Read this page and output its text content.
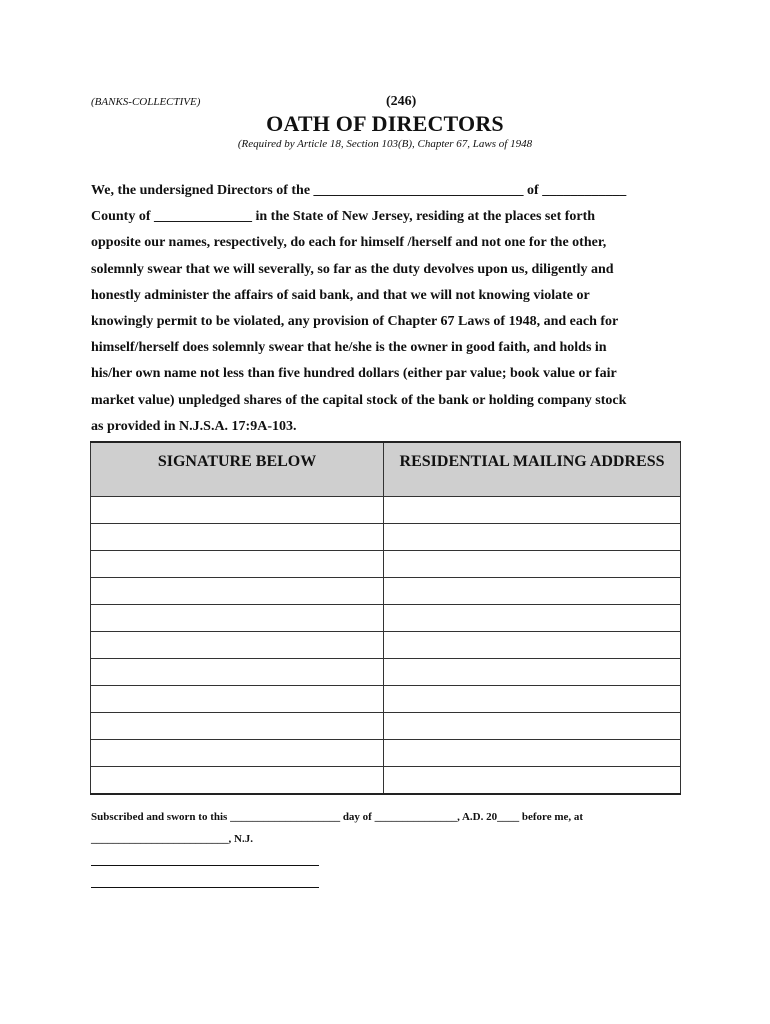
(BANKS-COLLECTIVE)	(246)
OATH OF DIRECTORS
(Required by Article 18, Section 103(B), Chapter 67, Laws of 1948
We, the undersigned Directors of the ______________________________ of ____________
County of ______________ in the State of New Jersey, residing at the places set forth
opposite our names, respectively, do each for himself /herself and not one for the other,
solemnly swear that we will severally, so far as the duty devolves upon us, diligently and
honestly administer the affairs of said bank, and that we will not knowing violate or
knowingly permit to be violated, any provision of Chapter 67 Laws of 1948, and each for
himself/herself does solemnly swear that he/she is the owner in good faith, and holds in
his/her own name not less than five hundred dollars (either par value; book value or fair
market value) unpledged shares of the capital stock of the bank or holding company stock
as provided in N.J.S.A. 17:9A-103.
SIGNATURE BELOW	RESIDENTIAL MAILING ADDRESS

Subscribed and sworn to this ____________________ day of _______________, A.D. 20____ before me, at
_________________________, N.J.
